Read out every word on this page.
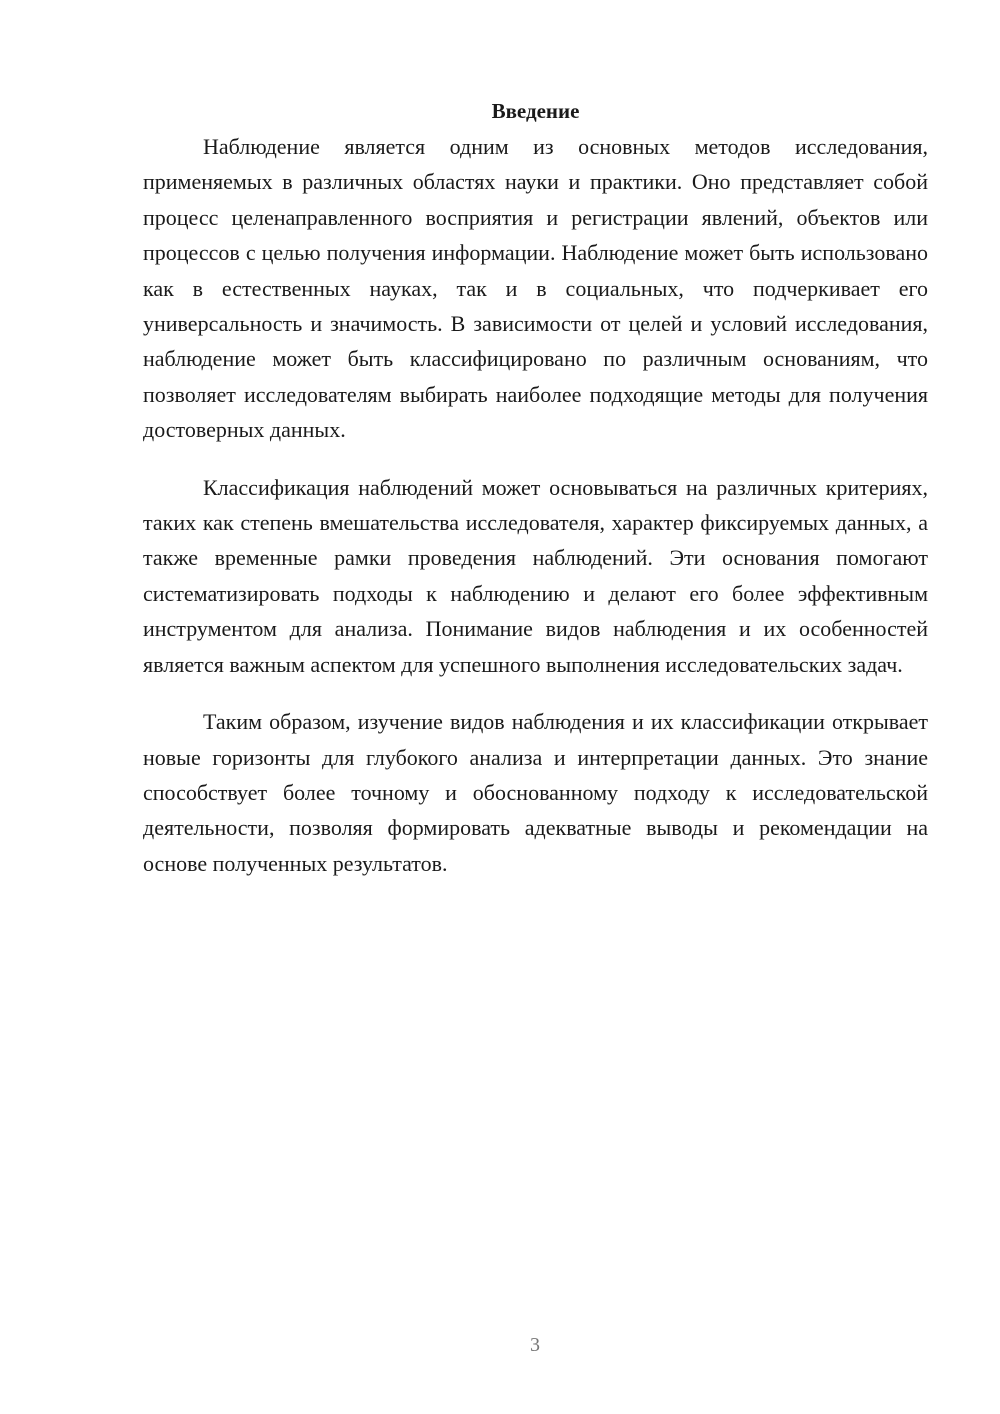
Введение

Наблюдение является одним из основных методов исследования, применяемых в различных областях науки и практики. Оно представляет собой процесс целенаправленного восприятия и регистрации явлений, объектов или процессов с целью получения информации. Наблюдение может быть использовано как в естественных науках, так и в социальных, что подчеркивает его универсальность и значимость. В зависимости от целей и условий исследования, наблюдение может быть классифицировано по различным основаниям, что позволяет исследователям выбирать наиболее подходящие методы для получения достоверных данных.

Классификация наблюдений может основываться на различных критериях, таких как степень вмешательства исследователя, характер фиксируемых данных, а также временные рамки проведения наблюдений. Эти основания помогают систематизировать подходы к наблюдению и делают его более эффективным инструментом для анализа. Понимание видов наблюдения и их особенностей является важным аспектом для успешного выполнения исследовательских задач.

Таким образом, изучение видов наблюдения и их классификации открывает новые горизонты для глубокого анализа и интерпретации данных. Это знание способствует более точному и обоснованному подходу к исследовательской деятельности, позволяя формировать адекватные выводы и рекомендации на основе полученных результатов.

3
